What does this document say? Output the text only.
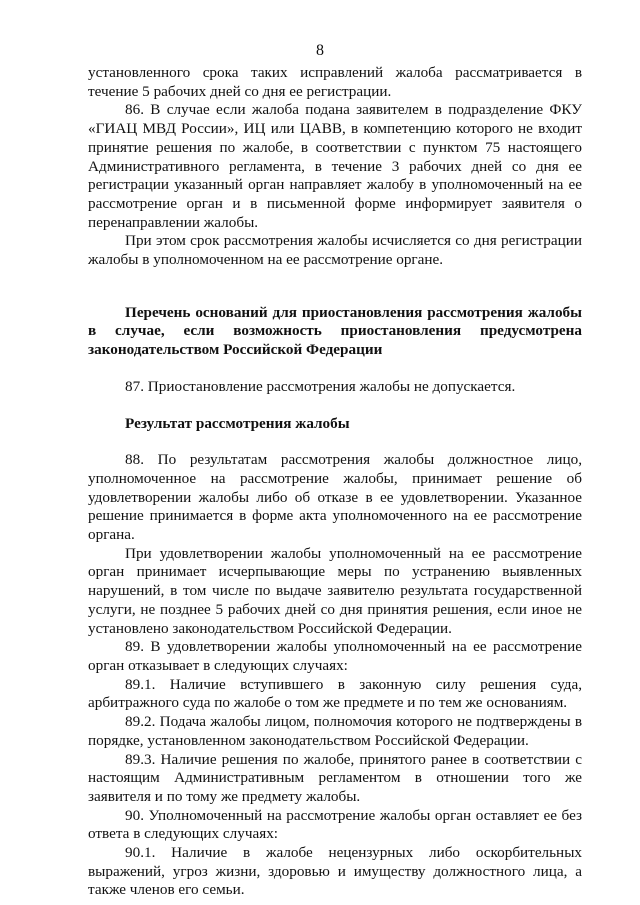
8

установленного срока таких исправлений жалоба рассматривается в течение 5 рабочих дней со дня ее регистрации.

86. В случае если жалоба подана заявителем в подразделение ФКУ «ГИАЦ МВД России», ИЦ или ЦАВВ, в компетенцию которого не входит принятие решения по жалобе, в соответствии с пунктом 75 настоящего Административного регламента, в течение 3 рабочих дней со дня ее регистрации указанный орган направляет жалобу в уполномоченный на ее рассмотрение орган и в письменной форме информирует заявителя о перенаправлении жалобы.

При этом срок рассмотрения жалобы исчисляется со дня регистрации жалобы в уполномоченном на ее рассмотрение органе.

Перечень оснований для приостановления рассмотрения жалобы в случае, если возможность приостановления предусмотрена законодательством Российской Федерации

87. Приостановление рассмотрения жалобы не допускается.

Результат рассмотрения жалобы

88. По результатам рассмотрения жалобы должностное лицо, уполномоченное на рассмотрение жалобы, принимает решение об удовлетворении жалобы либо об отказе в ее удовлетворении. Указанное решение принимается в форме акта уполномоченного на ее рассмотрение органа.

При удовлетворении жалобы уполномоченный на ее рассмотрение орган принимает исчерпывающие меры по устранению выявленных нарушений, в том числе по выдаче заявителю результата государственной услуги, не позднее 5 рабочих дней со дня принятия решения, если иное не установлено законодательством Российской Федерации.

89. В удовлетворении жалобы уполномоченный на ее рассмотрение орган отказывает в следующих случаях:

89.1. Наличие вступившего в законную силу решения суда, арбитражного суда по жалобе о том же предмете и по тем же основаниям.

89.2. Подача жалобы лицом, полномочия которого не подтверждены в порядке, установленном законодательством Российской Федерации.

89.3. Наличие решения по жалобе, принятого ранее в соответствии с настоящим Административным регламентом в отношении того же заявителя и по тому же предмету жалобы.

90. Уполномоченный на рассмотрение жалобы орган оставляет ее без ответа в следующих случаях:

90.1. Наличие в жалобе нецензурных либо оскорбительных выражений, угроз жизни, здоровью и имуществу должностного лица, а также членов его семьи.
